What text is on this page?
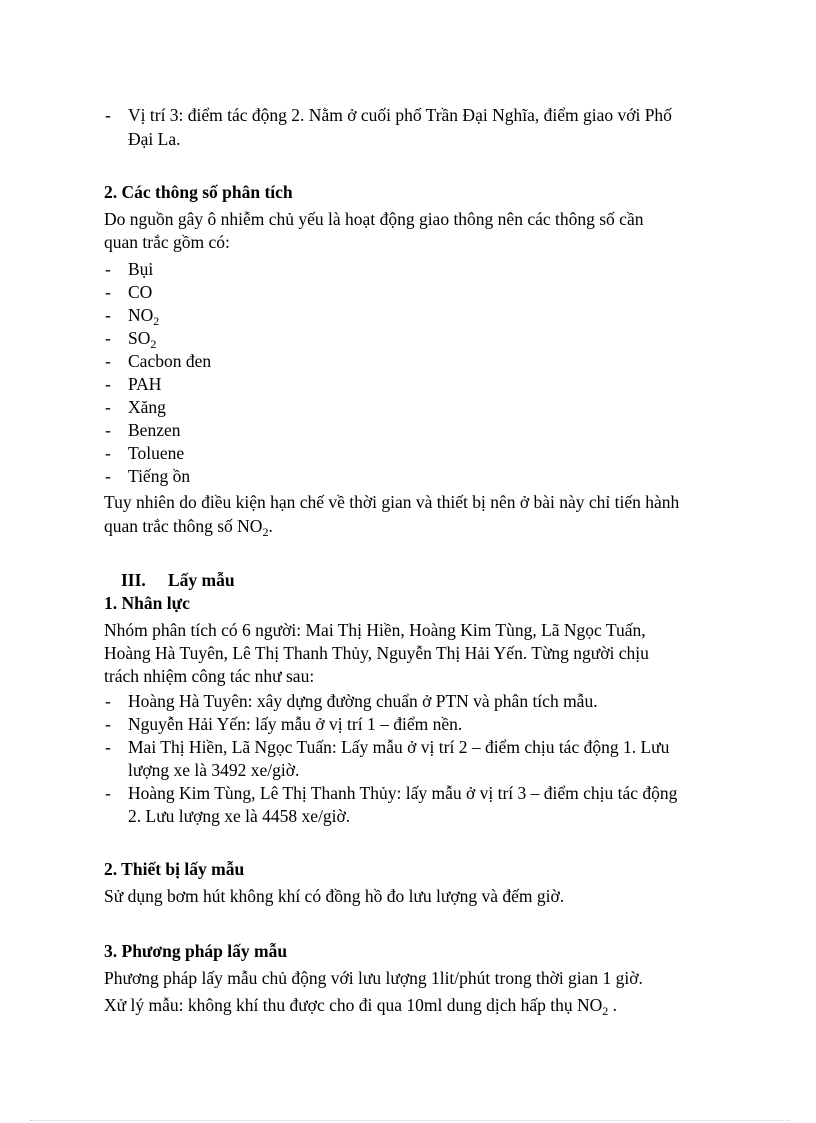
- Vị trí 3: điểm tác động 2. Nằm ở cuối phố Trần Đại Nghĩa, điểm giao với Phố
Đại La.
2. Các thông số phân tích
Do nguồn gây ô nhiễm chủ yếu là hoạt động giao thông nên các thông số cần
quan trắc gồm có:
- Bụi
- CO
- $NO_2$
- $SO_2$
- Cacbon đen
- PAH
- Xăng
- Benzen
- Toluene
- Tiếng ồn
Tuy nhiên do điều kiện hạn chế về thời gian và thiết bị nên ở bài này chỉ tiến hành
quan trắc thông số $NO_2$.
III. Lấy mẫu
1. Nhân lực
Nhóm phân tích có 6 người: Mai Thị Hiền, Hoàng Kim Tùng, Lã Ngọc Tuấn,
Hoàng Hà Tuyên, Lê Thị Thanh Thủy, Nguyễn Thị Hải Yến. Từng người chịu
trách nhiệm công tác như sau:
- Hoàng Hà Tuyên: xây dựng đường chuẩn ở PTN và phân tích mẫu.
- Nguyễn Hải Yến: lấy mẫu ở vị trí 1 – điểm nền.
- Mai Thị Hiền, Lã Ngọc Tuấn: Lấy mẫu ở vị trí 2 – điểm chịu tác động 1. Lưu
lượng xe là 3492 xe/giờ.
- Hoàng Kim Tùng, Lê Thị Thanh Thủy: lấy mẫu ở vị trí 3 – điểm chịu tác động
2. Lưu lượng xe là 4458 xe/giờ.
2. Thiết bị lấy mẫu
Sử dụng bơm hút không khí có đồng hồ đo lưu lượng và đếm giờ.
3. Phương pháp lấy mẫu
Phương pháp lấy mẫu chủ động với lưu lượng 1lit/phút trong thời gian 1 giờ.
Xử lý mẫu: không khí thu được cho đi qua 10ml dung dịch hấp thụ $NO_2$ .
